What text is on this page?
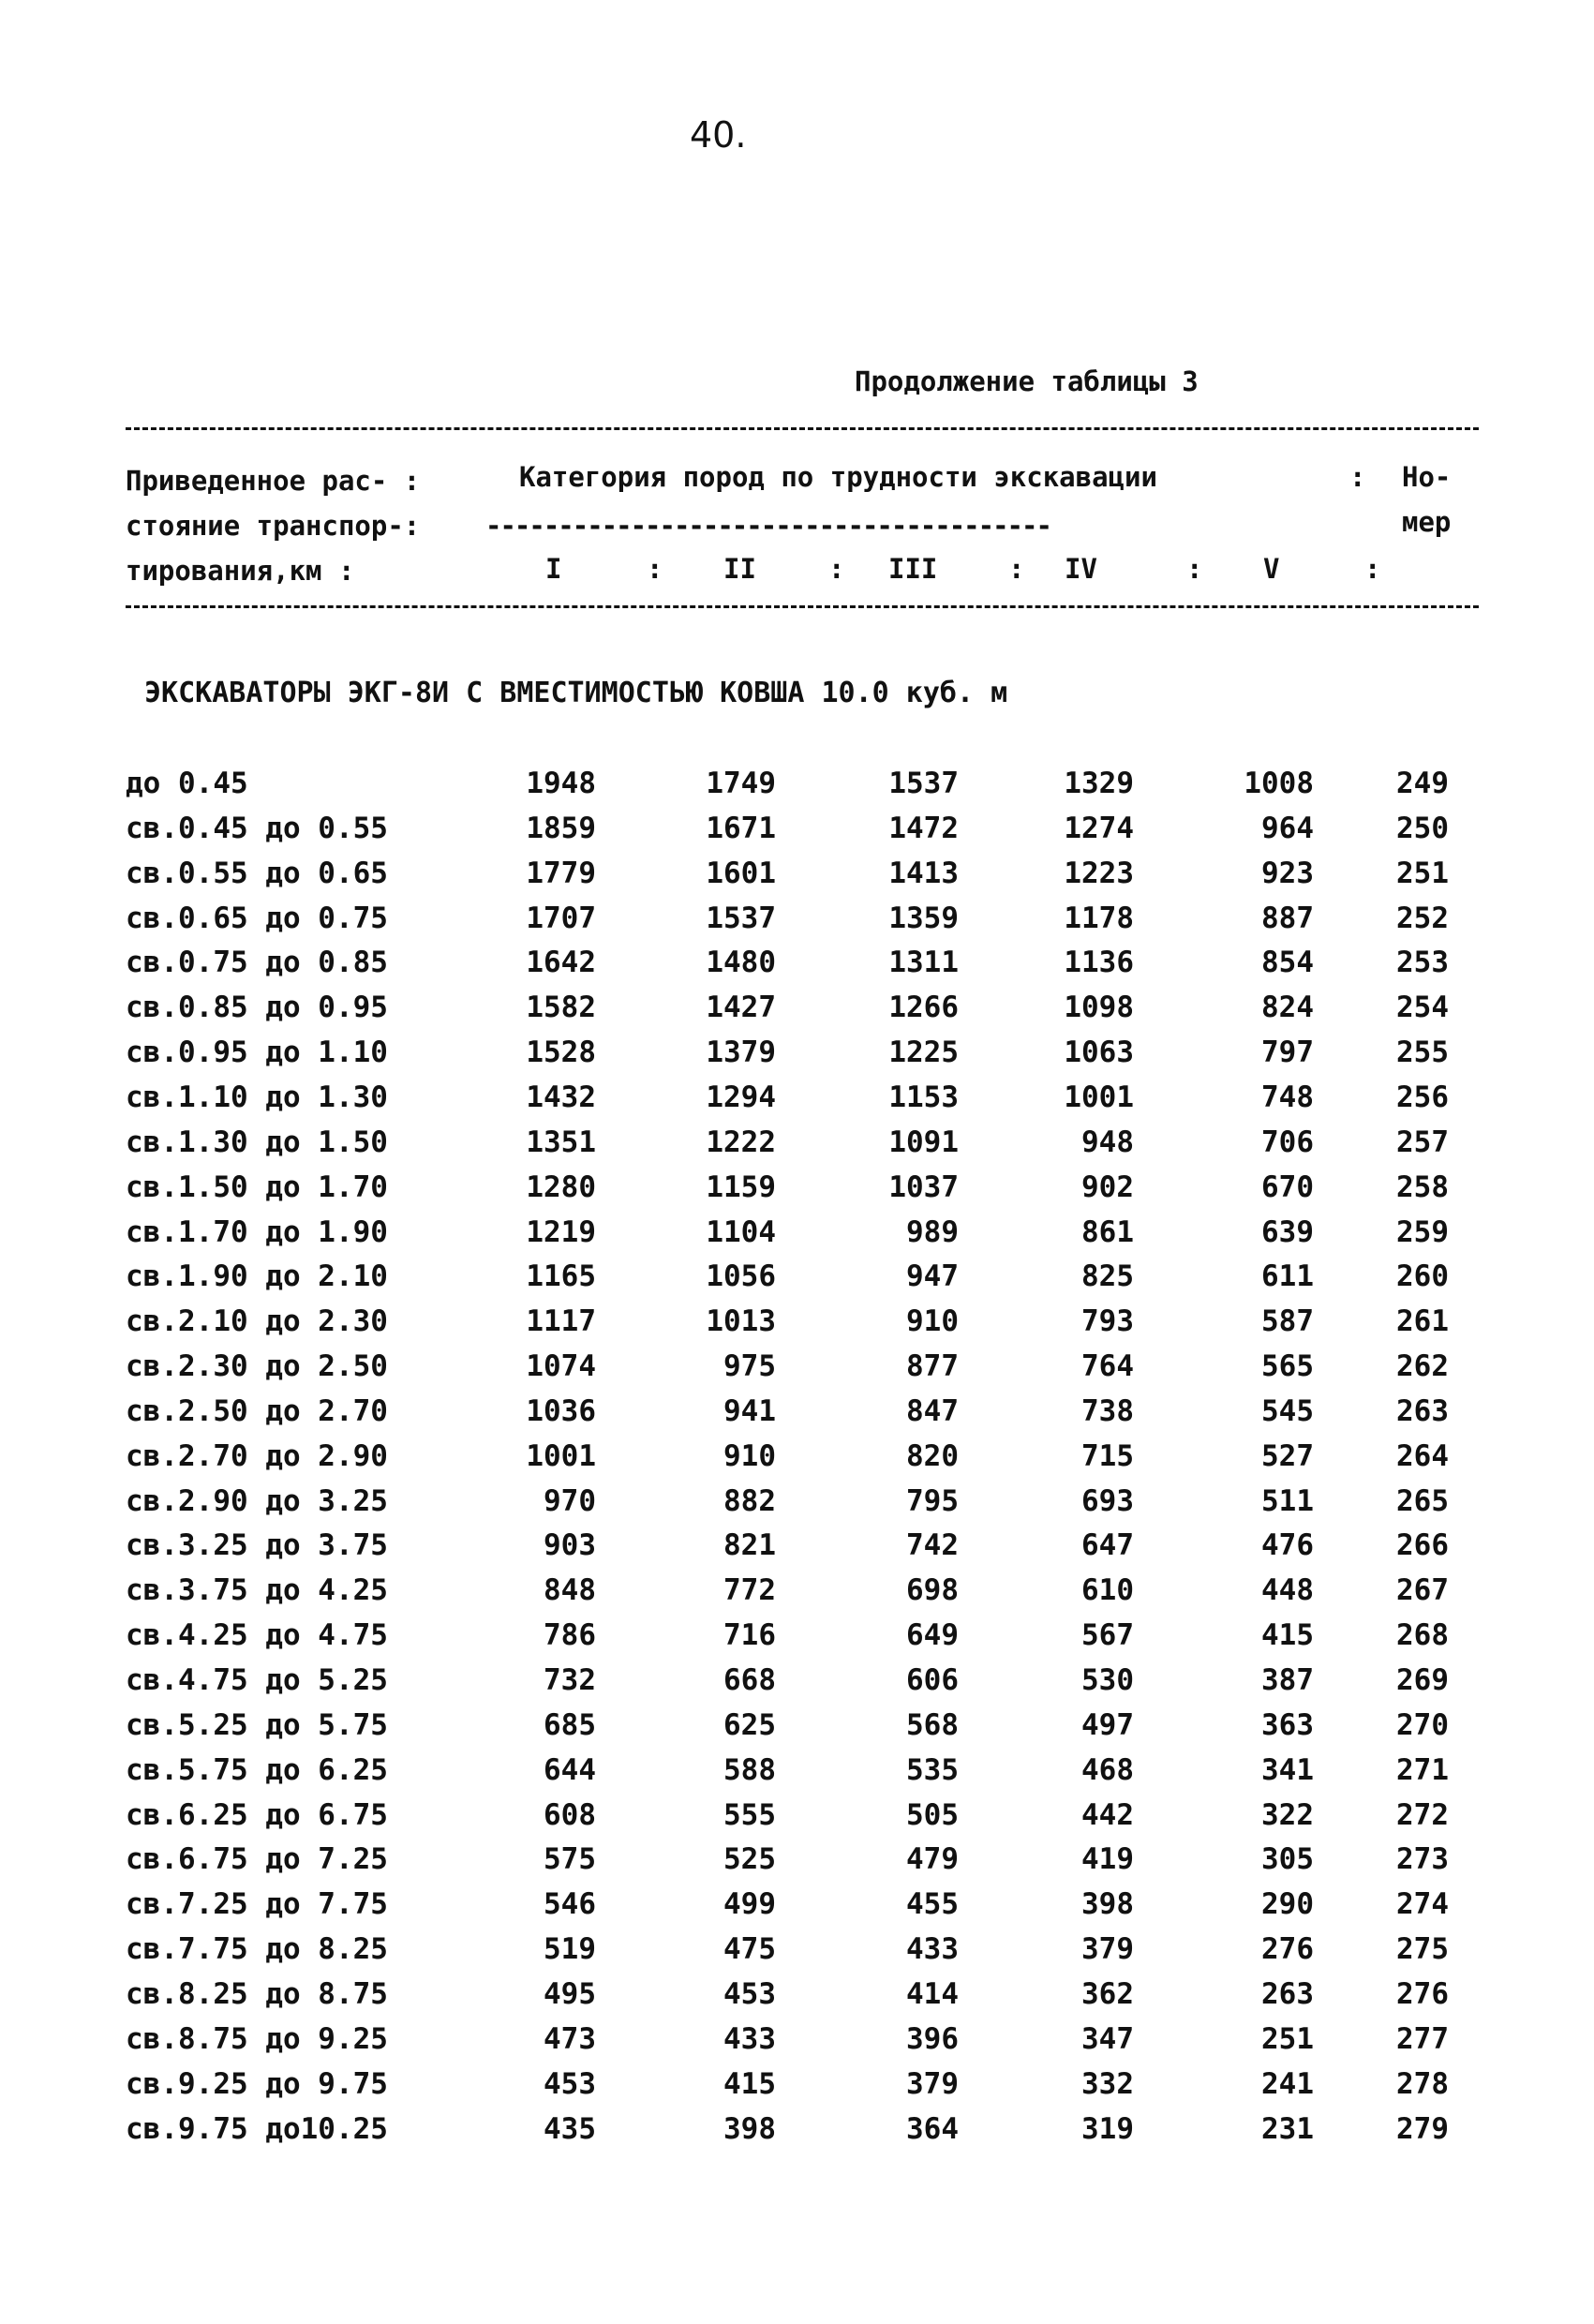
40.
Продолжение таблицы 3
Приведенное рас- :
стояние транспор-:
тирования,км :
Категория пород по трудности экскавации
---------------------------------------
: Но-
мер
I	: II	: III	: IV	: V	:
ЭКСКАВАТОРЫ ЭКГ-8И С ВМЕСТИМОСТЬЮ КОВША 10.0 куб. м
до 0.45	1948	1749	1537	1329	1008	249
св.0.45 до 0.55	1859	1671	1472	1274	964	250
св.0.55 до 0.65	1779	1601	1413	1223	923	251
св.0.65 до 0.75	1707	1537	1359	1178	887	252
св.0.75 до 0.85	1642	1480	1311	1136	854	253
св.0.85 до 0.95	1582	1427	1266	1098	824	254
св.0.95 до 1.10	1528	1379	1225	1063	797	255
св.1.10 до 1.30	1432	1294	1153	1001	748	256
св.1.30 до 1.50	1351	1222	1091	948	706	257
св.1.50 до 1.70	1280	1159	1037	902	670	258
св.1.70 до 1.90	1219	1104	989	861	639	259
св.1.90 до 2.10	1165	1056	947	825	611	260
св.2.10 до 2.30	1117	1013	910	793	587	261
св.2.30 до 2.50	1074	975	877	764	565	262
св.2.50 до 2.70	1036	941	847	738	545	263
св.2.70 до 2.90	1001	910	820	715	527	264
св.2.90 до 3.25	970	882	795	693	511	265
св.3.25 до 3.75	903	821	742	647	476	266
св.3.75 до 4.25	848	772	698	610	448	267
св.4.25 до 4.75	786	716	649	567	415	268
св.4.75 до 5.25	732	668	606	530	387	269
св.5.25 до 5.75	685	625	568	497	363	270
св.5.75 до 6.25	644	588	535	468	341	271
св.6.25 до 6.75	608	555	505	442	322	272
св.6.75 до 7.25	575	525	479	419	305	273
св.7.25 до 7.75	546	499	455	398	290	274
св.7.75 до 8.25	519	475	433	379	276	275
св.8.25 до 8.75	495	453	414	362	263	276
св.8.75 до 9.25	473	433	396	347	251	277
св.9.25 до 9.75	453	415	379	332	241	278
св.9.75 до10.25	435	398	364	319	231	279
